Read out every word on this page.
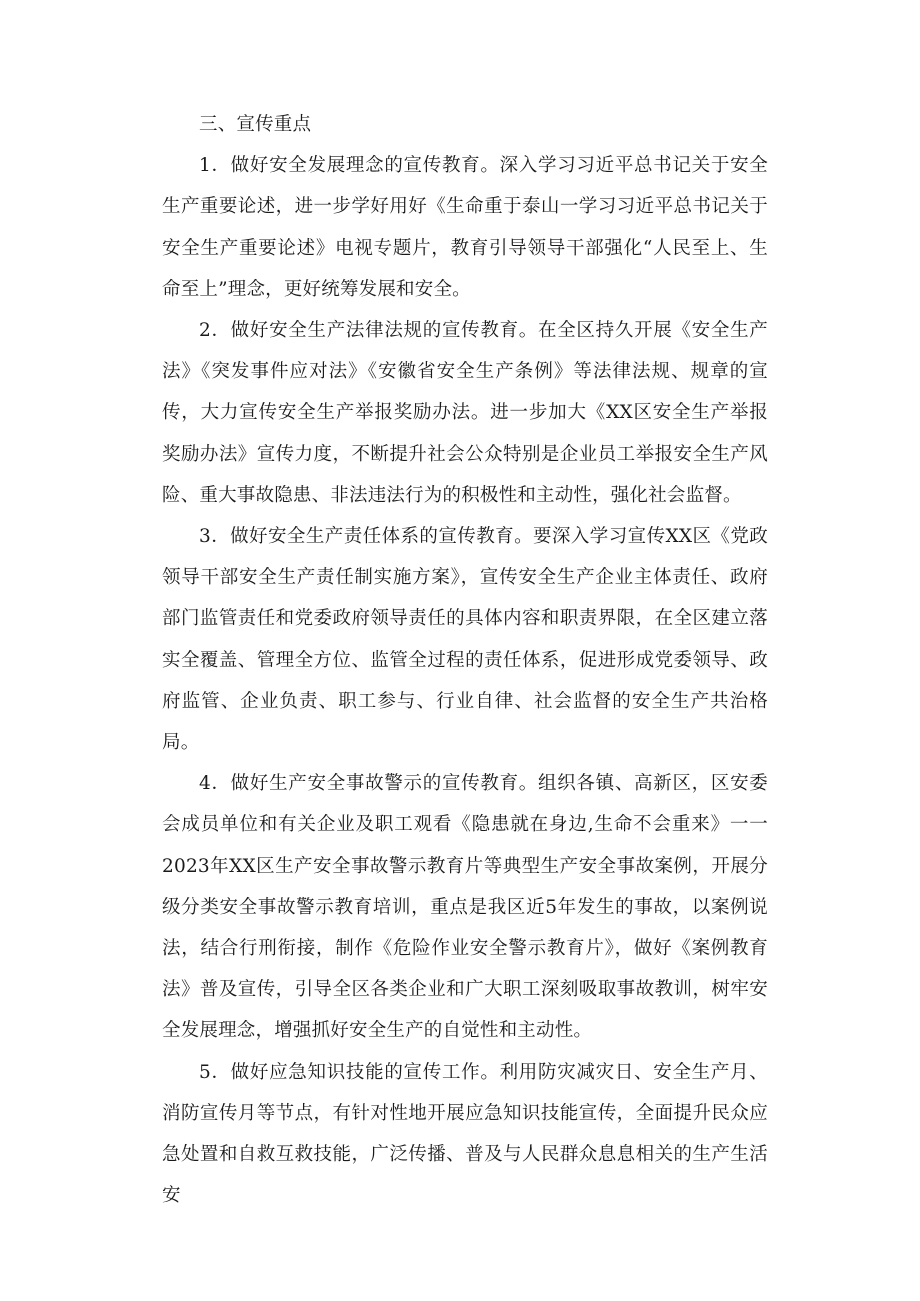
三、宣传重点

1．做好安全发展理念的宣传教育。深入学习习近平总书记关于安全生产重要论述，进一步学好用好《生命重于泰山一学习习近平总书记关于安全生产重要论述》电视专题片，教育引导领导干部强化“人民至上、生命至上”理念，更好统筹发展和安全。

2．做好安全生产法律法规的宣传教育。在全区持久开展《安全生产法》《突发事件应对法》《安徽省安全生产条例》等法律法规、规章的宣传，大力宣传安全生产举报奖励办法。进一步加大《XX区安全生产举报奖励办法》宣传力度，不断提升社会公众特别是企业员工举报安全生产风险、重大事故隐患、非法违法行为的积极性和主动性，强化社会监督。

3．做好安全生产责任体系的宣传教育。要深入学习宣传XX区《党政领导干部安全生产责任制实施方案》，宣传安全生产企业主体责任、政府部门监管责任和党委政府领导责任的具体内容和职责界限，在全区建立落实全覆盖、管理全方位、监管全过程的责任体系，促进形成党委领导、政府监管、企业负责、职工参与、行业自律、社会监督的安全生产共治格局。

4．做好生产安全事故警示的宣传教育。组织各镇、高新区，区安委会成员单位和有关企业及职工观看《隐患就在身边,生命不会重来》一一2023年XX区生产安全事故警示教育片等典型生产安全事故案例，开展分级分类安全事故警示教育培训，重点是我区近5年发生的事故，以案例说法，结合行刑衔接，制作《危险作业安全警示教育片》，做好《案例教育法》普及宣传，引导全区各类企业和广大职工深刻吸取事故教训，树牢安全发展理念，增强抓好安全生产的自觉性和主动性。

5．做好应急知识技能的宣传工作。利用防灾减灾日、安全生产月、消防宣传月等节点，有针对性地开展应急知识技能宣传，全面提升民众应急处置和自救互救技能，广泛传播、普及与人民群众息息相关的生产生活安
